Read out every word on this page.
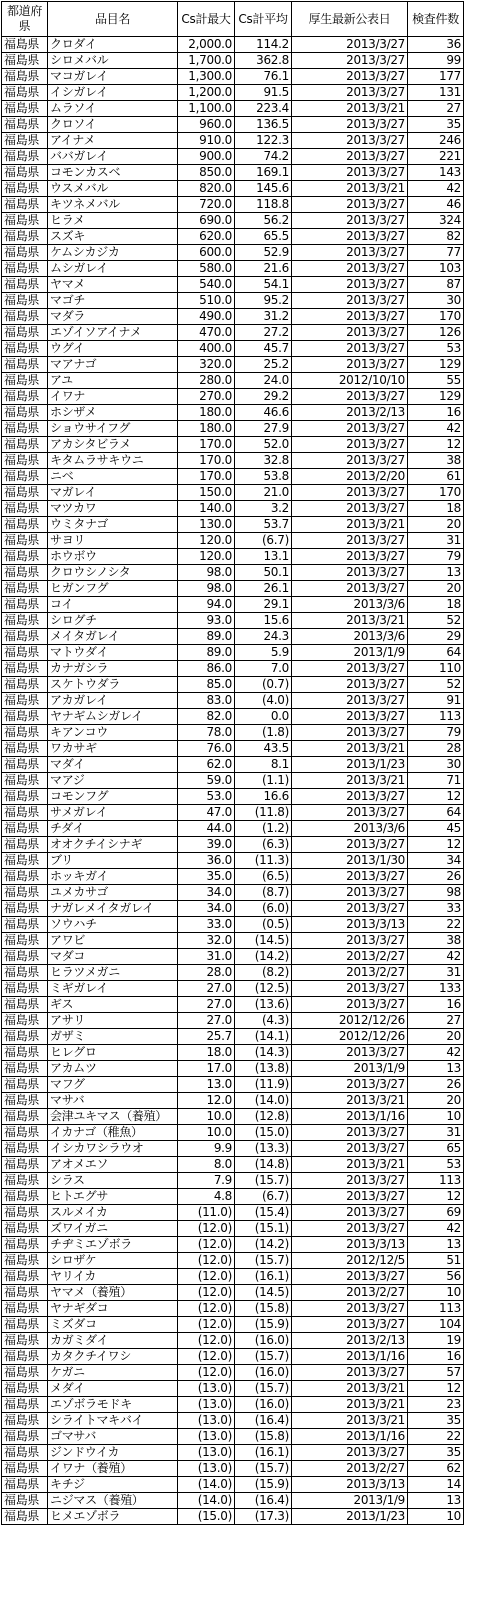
都道府県	品目名	Cs計最大	Cs計平均	厚生最新公表日	検査件数
福島県	クロダイ	2,000.0	114.2	2013/3/27	36
福島県	シロメバル	1,700.0	362.8	2013/3/27	99
福島県	マコガレイ	1,300.0	76.1	2013/3/27	177
福島県	イシガレイ	1,200.0	91.5	2013/3/27	131
福島県	ムラソイ	1,100.0	223.4	2013/3/21	27
福島県	クロソイ	960.0	136.5	2013/3/27	35
福島県	アイナメ	910.0	122.3	2013/3/27	246
福島県	ババガレイ	900.0	74.2	2013/3/27	221
福島県	コモンカスベ	850.0	169.1	2013/3/27	143
福島県	ウスメバル	820.0	145.6	2013/3/21	42
福島県	キツネメバル	720.0	118.8	2013/3/27	46
福島県	ヒラメ	690.0	56.2	2013/3/27	324
福島県	スズキ	620.0	65.5	2013/3/27	82
福島県	ケムシカジカ	600.0	52.9	2013/3/27	77
福島県	ムシガレイ	580.0	21.6	2013/3/27	103
福島県	ヤマメ	540.0	54.1	2013/3/27	87
福島県	マゴチ	510.0	95.2	2013/3/27	30
福島県	マダラ	490.0	31.2	2013/3/27	170
福島県	エゾイソアイナメ	470.0	27.2	2013/3/27	126
福島県	ウグイ	400.0	45.7	2013/3/27	53
福島県	マアナゴ	320.0	25.2	2013/3/27	129
福島県	アユ	280.0	24.0	2012/10/10	55
福島県	イワナ	270.0	29.2	2013/3/27	129
福島県	ホシザメ	180.0	46.6	2013/2/13	16
福島県	ショウサイフグ	180.0	27.9	2013/3/27	42
福島県	アカシタビラメ	170.0	52.0	2013/3/27	12
福島県	キタムラサキウニ	170.0	32.8	2013/3/27	38
福島県	ニベ	170.0	53.8	2013/2/20	61
福島県	マガレイ	150.0	21.0	2013/3/27	170
福島県	マツカワ	140.0	3.2	2013/3/27	18
福島県	ウミタナゴ	130.0	53.7	2013/3/21	20
福島県	サヨリ	120.0	(6.7)	2013/3/27	31
福島県	ホウボウ	120.0	13.1	2013/3/27	79
福島県	クロウシノシタ	98.0	50.1	2013/3/27	13
福島県	ヒガンフグ	98.0	26.1	2013/3/27	20
福島県	コイ	94.0	29.1	2013/3/6	18
福島県	シログチ	93.0	15.6	2013/3/21	52
福島県	メイタガレイ	89.0	24.3	2013/3/6	29
福島県	マトウダイ	89.0	5.9	2013/1/9	64
福島県	カナガシラ	86.0	7.0	2013/3/27	110
福島県	スケトウダラ	85.0	(0.7)	2013/3/27	52
福島県	アカガレイ	83.0	(4.0)	2013/3/27	91
福島県	ヤナギムシガレイ	82.0	0.0	2013/3/27	113
福島県	キアンコウ	78.0	(1.8)	2013/3/27	79
福島県	ワカサギ	76.0	43.5	2013/3/21	28
福島県	マダイ	62.0	8.1	2013/1/23	30
福島県	マアジ	59.0	(1.1)	2013/3/21	71
福島県	コモンフグ	53.0	16.6	2013/3/27	12
福島県	サメガレイ	47.0	(11.8)	2013/3/27	64
福島県	チダイ	44.0	(1.2)	2013/3/6	45
福島県	オオクチイシナギ	39.0	(6.3)	2013/3/27	12
福島県	ブリ	36.0	(11.3)	2013/1/30	34
福島県	ホッキガイ	35.0	(6.5)	2013/3/27	26
福島県	ユメカサゴ	34.0	(8.7)	2013/3/27	98
福島県	ナガレメイタガレイ	34.0	(6.0)	2013/3/27	33
福島県	ソウハチ	33.0	(0.5)	2013/3/13	22
福島県	アワビ	32.0	(14.5)	2013/3/27	38
福島県	マダコ	31.0	(14.2)	2013/2/27	42
福島県	ヒラツメガニ	28.0	(8.2)	2013/2/27	31
福島県	ミギガレイ	27.0	(12.5)	2013/3/27	133
福島県	ギス	27.0	(13.6)	2013/3/27	16
福島県	アサリ	27.0	(4.3)	2012/12/26	27
福島県	ガザミ	25.7	(14.1)	2012/12/26	20
福島県	ヒレグロ	18.0	(14.3)	2013/3/27	42
福島県	アカムツ	17.0	(13.8)	2013/1/9	13
福島県	マフグ	13.0	(11.9)	2013/3/27	26
福島県	マサバ	12.0	(14.0)	2013/3/21	20
福島県	会津ユキマス（養殖）	10.0	(12.8)	2013/1/16	10
福島県	イカナゴ（稚魚）	10.0	(15.0)	2013/3/27	31
福島県	イシカワシラウオ	9.9	(13.3)	2013/3/27	65
福島県	アオメエソ	8.0	(14.8)	2013/3/21	53
福島県	シラス	7.9	(15.7)	2013/3/27	113
福島県	ヒトエグサ	4.8	(6.7)	2013/3/27	12
福島県	スルメイカ	(11.0)	(15.4)	2013/3/27	69
福島県	ズワイガニ	(12.0)	(15.1)	2013/3/27	42
福島県	チヂミエゾボラ	(12.0)	(14.2)	2013/3/13	13
福島県	シロザケ	(12.0)	(15.7)	2012/12/5	51
福島県	ヤリイカ	(12.0)	(16.1)	2013/3/27	56
福島県	ヤマメ（養殖）	(12.0)	(14.5)	2013/2/27	10
福島県	ヤナギダコ	(12.0)	(15.8)	2013/3/27	113
福島県	ミズダコ	(12.0)	(15.9)	2013/3/27	104
福島県	カガミダイ	(12.0)	(16.0)	2013/2/13	19
福島県	カタクチイワシ	(12.0)	(15.7)	2013/1/16	16
福島県	ケガニ	(12.0)	(16.0)	2013/3/27	57
福島県	メダイ	(13.0)	(15.7)	2013/3/21	12
福島県	エゾボラモドキ	(13.0)	(16.0)	2013/3/21	23
福島県	シライトマキバイ	(13.0)	(16.4)	2013/3/21	35
福島県	ゴマサバ	(13.0)	(15.8)	2013/1/16	22
福島県	ジンドウイカ	(13.0)	(16.1)	2013/3/27	35
福島県	イワナ（養殖）	(13.0)	(15.7)	2013/2/27	62
福島県	キチジ	(14.0)	(15.9)	2013/3/13	14
福島県	ニジマス（養殖）	(14.0)	(16.4)	2013/1/9	13
福島県	ヒメエゾボラ	(15.0)	(17.3)	2013/1/23	10
